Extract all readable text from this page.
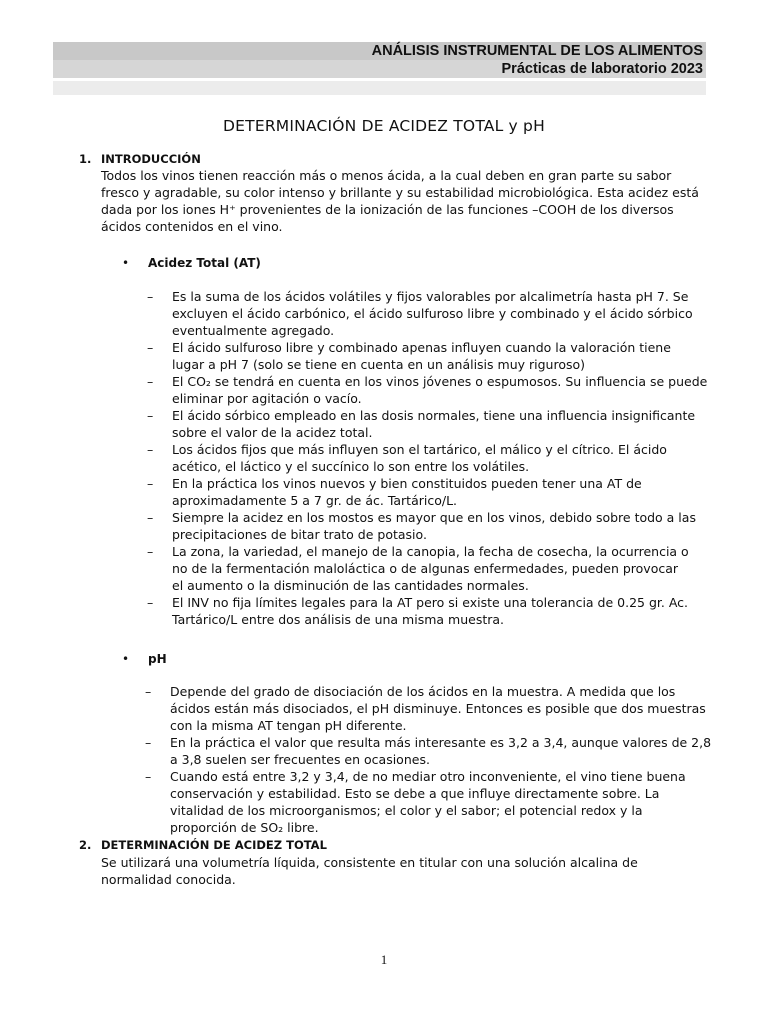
ANÁLISIS INSTRUMENTAL DE LOS ALIMENTOS
Prácticas de laboratorio 2023
DETERMINACIÓN DE ACIDEZ TOTAL y pH
1. INTRODUCCIÓN
Todos los vinos tienen reacción más o menos ácida, a la cual deben en gran parte su sabor
fresco y agradable, su color intenso y brillante y su estabilidad microbiológica. Esta acidez está
dada por los iones H⁺ provenientes de la ionización de las funciones –COOH de los diversos
ácidos contenidos en el vino.
• Acidez Total (AT)
– Es la suma de los ácidos volátiles y fijos valorables por alcalimetría hasta pH 7. Se
excluyen el ácido carbónico, el ácido sulfuroso libre y combinado y el ácido sórbico
eventualmente agregado.
– El ácido sulfuroso libre y combinado apenas influyen cuando la valoración tiene
lugar a pH 7 (solo se tiene en cuenta en un análisis muy riguroso)
– El CO₂ se tendrá en cuenta en los vinos jóvenes o espumosos. Su influencia se puede
eliminar por agitación o vacío.
– El ácido sórbico empleado en las dosis normales, tiene una influencia insignificante
sobre el valor de la acidez total.
– Los ácidos fijos que más influyen son el tartárico, el málico y el cítrico. El ácido
acético, el láctico y el succínico lo son entre los volátiles.
– En la práctica los vinos nuevos y bien constituidos pueden tener una AT de
aproximadamente 5 a 7 gr. de ác. Tartárico/L.
– Siempre la acidez en los mostos es mayor que en los vinos, debido sobre todo a las
precipitaciones de bitar trato de potasio.
– La zona, la variedad, el manejo de la canopia, la fecha de cosecha, la ocurrencia o
no de la fermentación maloláctica o de algunas enfermedades, pueden provocar
el aumento o la disminución de las cantidades normales.
– El INV no fija límites legales para la AT pero si existe una tolerancia de 0.25 gr. Ac.
Tartárico/L entre dos análisis de una misma muestra.
• pH
– Depende del grado de disociación de los ácidos en la muestra. A medida que los
ácidos están más disociados, el pH disminuye. Entonces es posible que dos muestras
con la misma AT tengan pH diferente.
– En la práctica el valor que resulta más interesante es 3,2 a 3,4, aunque valores de 2,8
a 3,8 suelen ser frecuentes en ocasiones.
– Cuando está entre 3,2 y 3,4, de no mediar otro inconveniente, el vino tiene buena
conservación y estabilidad. Esto se debe a que influye directamente sobre. La
vitalidad de los microorganismos; el color y el sabor; el potencial redox y la
proporción de SO₂ libre.
2. DETERMINACIÓN DE ACIDEZ TOTAL
Se utilizará una volumetría líquida, consistente en titular con una solución alcalina de
normalidad conocida.
1
